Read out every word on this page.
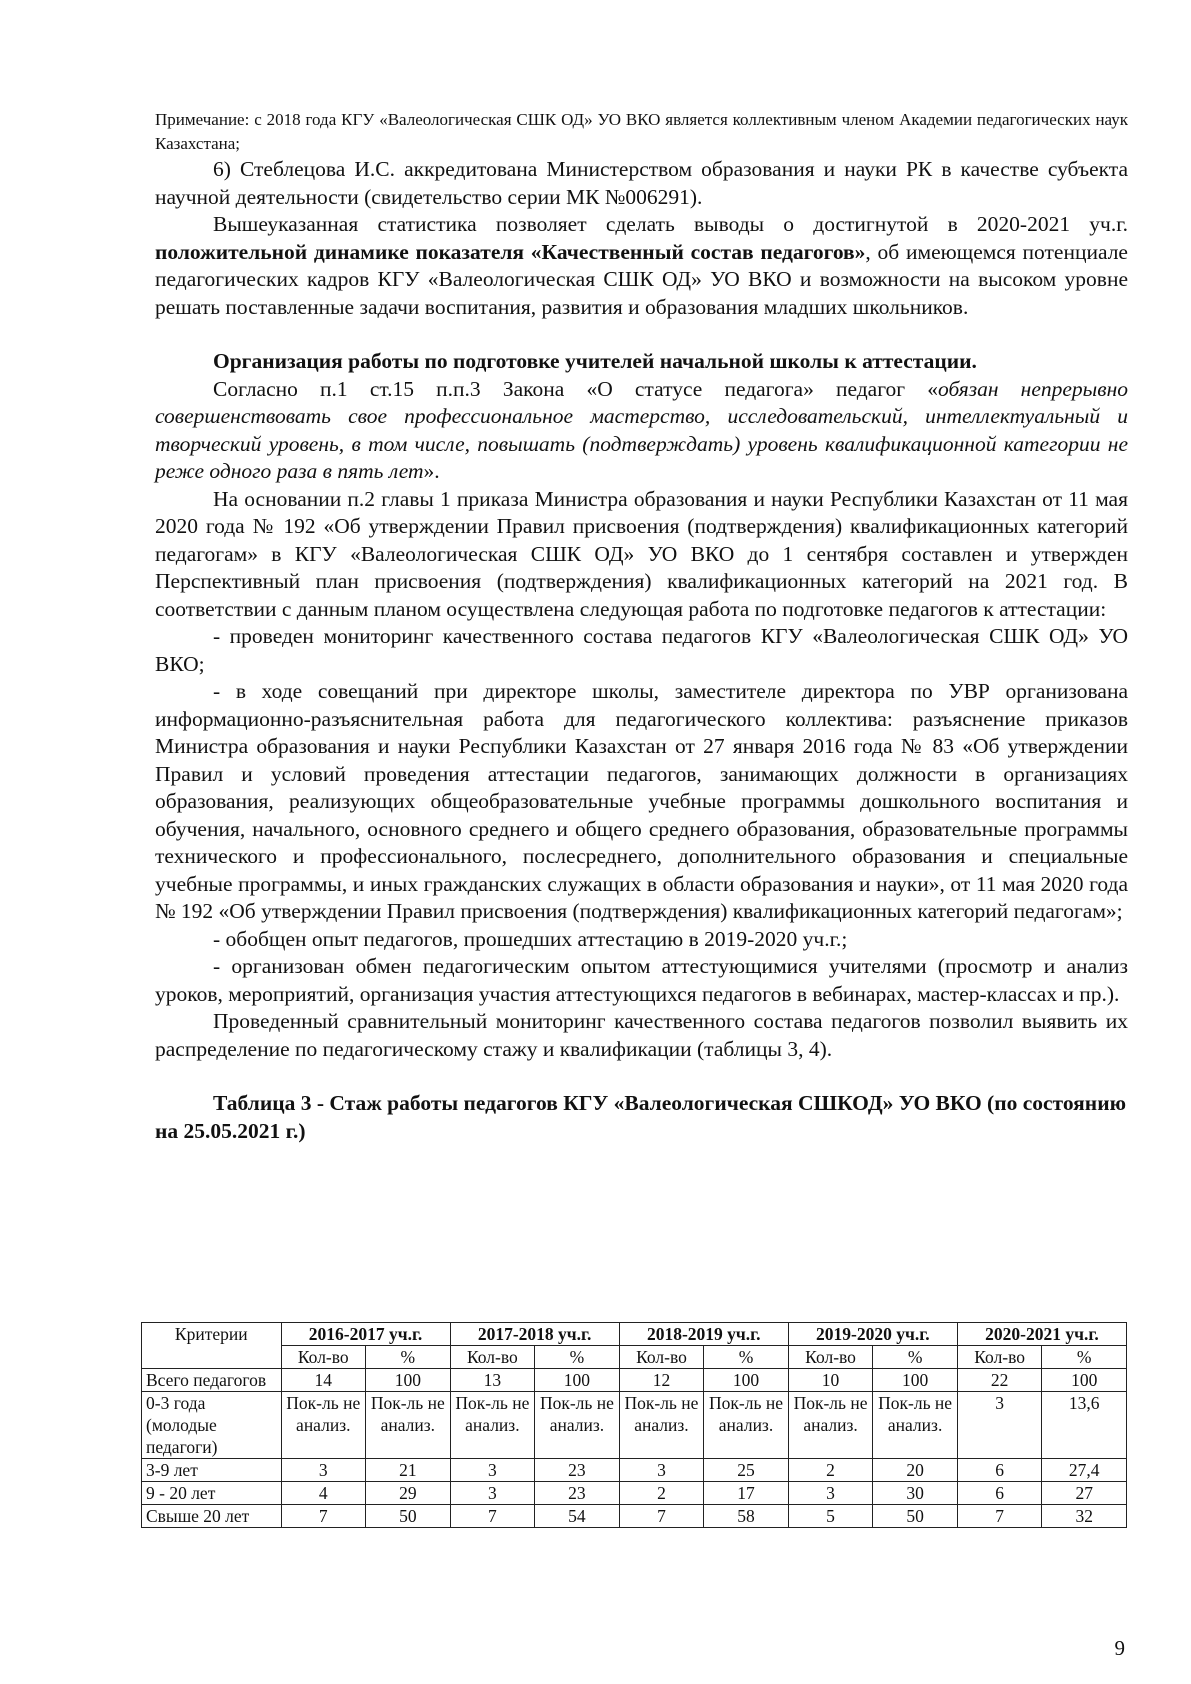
Примечание: с 2018 года КГУ «Валеологическая СШК ОД» УО ВКО является коллективным членом Академии педагогических наук Казахстана;

6) Стеблецова И.С. аккредитована Министерством образования и науки РК в качестве субъекта научной деятельности (свидетельство серии МК №006291).

Вышеуказанная статистика позволяет сделать выводы о достигнутой в 2020-2021 уч.г. положительной динамике показателя «Качественный состав педагогов», об имеющемся потенциале педагогических кадров КГУ «Валеологическая СШК ОД» УО ВКО и возможности на высоком уровне решать поставленные задачи воспитания, развития и образования младших школьников.

Организация работы по подготовке учителей начальной школы к аттестации.

Согласно п.1 ст.15 п.п.3 Закона «О статусе педагога» педагог «обязан непрерывно совершенствовать свое профессиональное мастерство, исследовательский, интеллектуальный и творческий уровень, в том числе, повышать (подтверждать) уровень квалификационной категории не реже одного раза в пять лет».

На основании п.2 главы 1 приказа Министра образования и науки Республики Казахстан от 11 мая 2020 года № 192 «Об утверждении Правил присвоения (подтверждения) квалификационных категорий педагогам» в КГУ «Валеологическая СШК ОД» УО ВКО до 1 сентября составлен и утвержден Перспективный план присвоения (подтверждения) квалификационных категорий на 2021 год. В соответствии с данным планом осуществлена следующая работа по подготовке педагогов к аттестации:

- проведен мониторинг качественного состава педагогов КГУ «Валеологическая СШК ОД» УО ВКО;

- в ходе совещаний при директоре школы, заместителе директора по УВР организована информационно-разъяснительная работа для педагогического коллектива: разъяснение приказов Министра образования и науки Республики Казахстан от 27 января 2016 года № 83 «Об утверждении Правил и условий проведения аттестации педагогов, занимающих должности в организациях образования, реализующих общеобразовательные учебные программы дошкольного воспитания и обучения, начального, основного среднего и общего среднего образования, образовательные программы технического и профессионального, послесреднего, дополнительного образования и специальные учебные программы, и иных гражданских служащих в области образования и науки», от 11 мая 2020 года № 192 «Об утверждении Правил присвоения (подтверждения) квалификационных категорий педагогам»;

- обобщен опыт педагогов, прошедших аттестацию в 2019-2020 уч.г.;

- организован обмен педагогическим опытом аттестующимися учителями (просмотр и анализ уроков, мероприятий, организация участия аттестующихся педагогов в вебинарах, мастер-классах и пр.).

Проведенный сравнительный мониторинг качественного состава педагогов позволил выявить их распределение по педагогическому стажу и квалификации (таблицы 3, 4).

Таблица 3 - Стаж работы педагогов КГУ «Валеологическая СШКОД» УО ВКО (по состоянию на 25.05.2021 г.)

Критерии	2016-2017 уч.г.		2017-2018 уч.г.		2018-2019 уч.г.		2019-2020 уч.г.		2020-2021 уч.г.	
	Кол-во	%	Кол-во	%	Кол-во	%	Кол-во	%	Кол-во	%
Всего педагогов	14	100	13	100	12	100	10	100	22	100
0-3 года (молодые педагоги)	Пок-ль не анализ.	Пок-ль не анализ.	Пок-ль не анализ.	Пок-ль не анализ.	Пок-ль не анализ.	Пок-ль не анализ.	Пок-ль не анализ.	Пок-ль не анализ.	3	13,6
3-9 лет	3	21	3	23	3	25	2	20	6	27,4
9 - 20 лет	4	29	3	23	2	17	3	30	6	27
Свыше 20 лет	7	50	7	54	7	58	5	50	7	32
9
